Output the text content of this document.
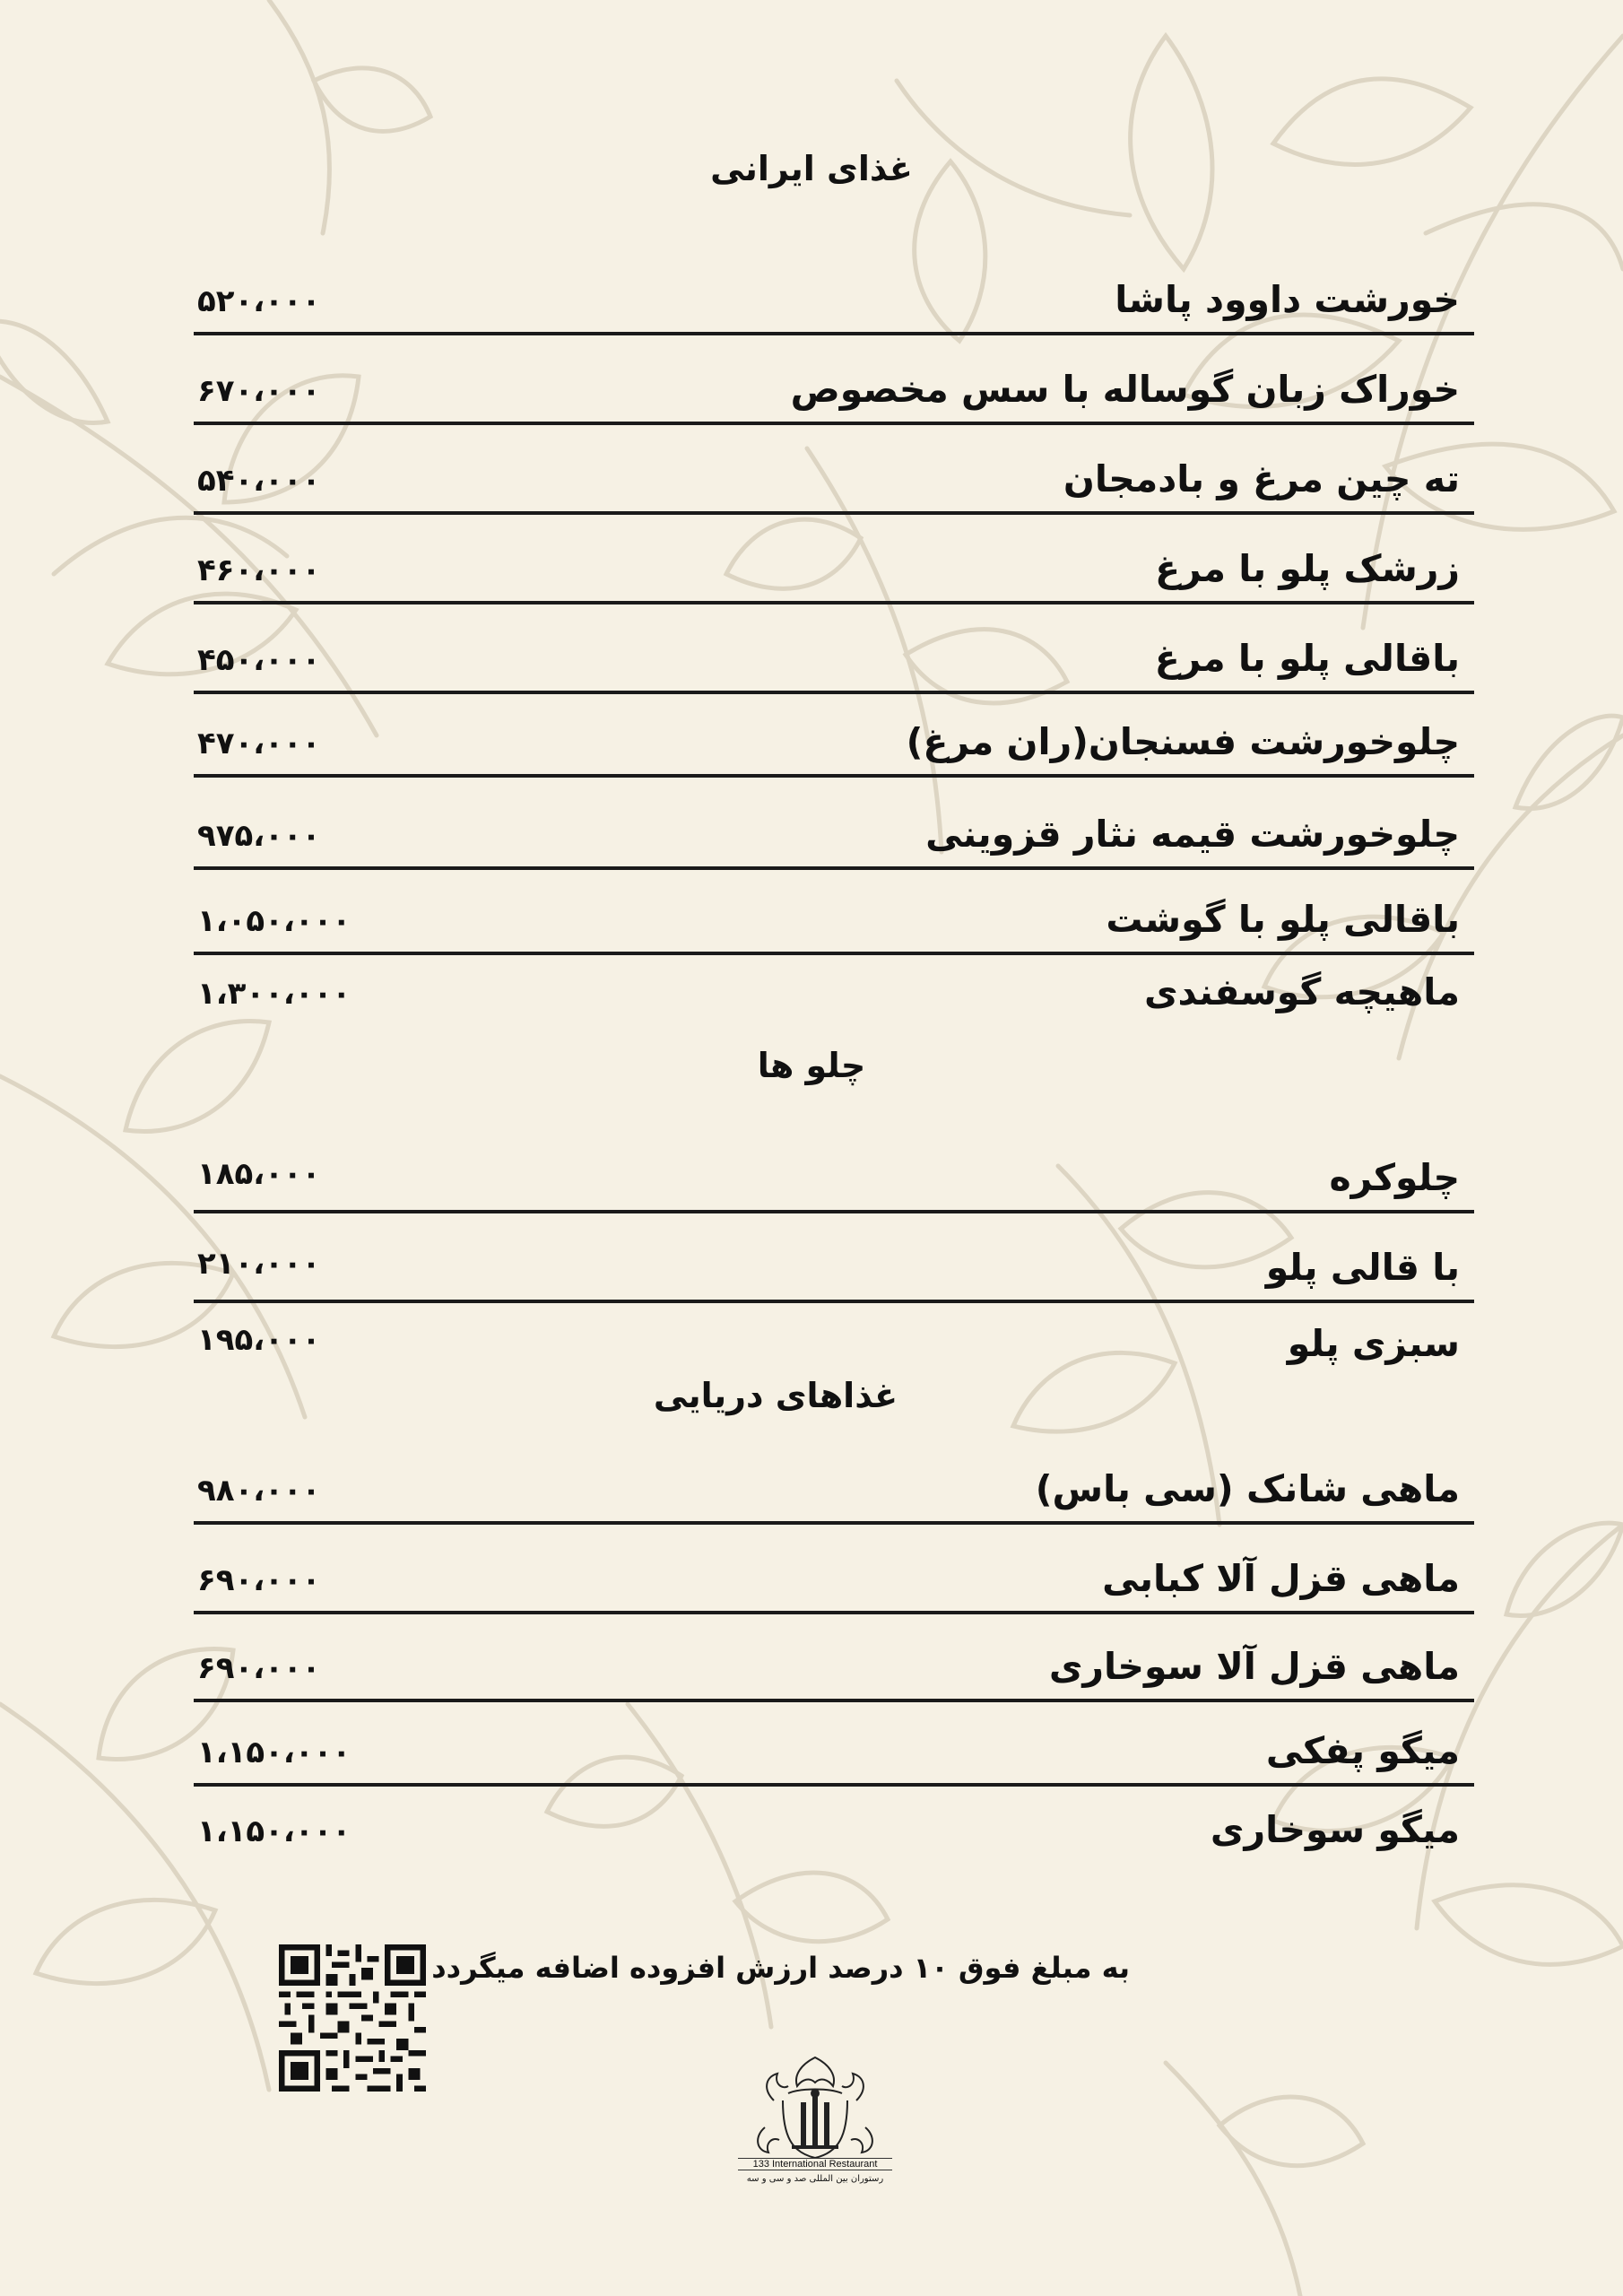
غذای ایرانی
خورشت داوود پاشا
۵۲۰،۰۰۰
خوراک زبان گوساله با سس مخصوص
۶۷۰،۰۰۰
ته چین مرغ و بادمجان
۵۴۰،۰۰۰
زرشک پلو با مرغ
۴۶۰،۰۰۰
باقالی پلو با مرغ
۴۵۰،۰۰۰
چلوخورشت فسنجان(ران مرغ)
۴۷۰،۰۰۰
چلوخورشت قیمه نثار قزوینی
۹۷۵،۰۰۰
باقالی پلو با گوشت
۱،۰۵۰،۰۰۰
ماهیچه گوسفندی
۱،۳۰۰،۰۰۰
چلو ها
چلوکره
۱۸۵،۰۰۰
با قالی پلو
۲۱۰،۰۰۰
سبزی پلو
۱۹۵،۰۰۰
غذاهای دریایی
ماهی شانک (سی باس)
۹۸۰،۰۰۰
ماهی قزل آلا کبابی
۶۹۰،۰۰۰
ماهی قزل آلا سوخاری
۶۹۰،۰۰۰
میگو پفکی
۱،۱۵۰،۰۰۰
میگو سوخاری
۱،۱۵۰،۰۰۰
به مبلغ فوق ۱۰ درصد ارزش افزوده اضافه میگردد
133 International Restaurant
رستوران بین المللی صد و سی و سه
